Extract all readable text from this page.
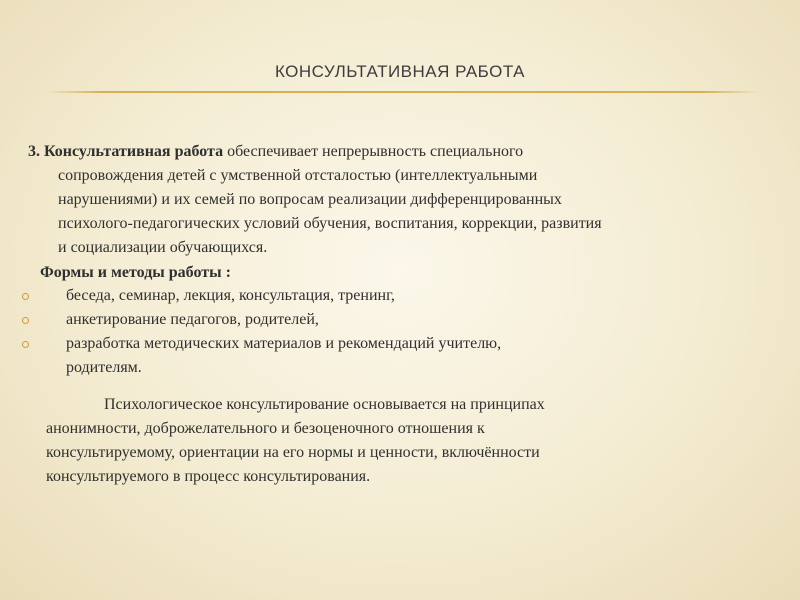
КОНСУЛЬТАТИВНАЯ РАБОТА
3. Консультативная работа обеспечивает непрерывность специального
сопровождения детей с умственной отсталостью (интеллектуальными
нарушениями) и их семей по вопросам реализации дифференцированных
психолого-педагогических условий обучения, воспитания, коррекции, развития
и социализации обучающихся.
Формы и методы работы :
беседа, семинар, лекция, консультация, тренинг,
анкетирование педагогов, родителей,
разработка методических материалов и рекомендаций учителю,
родителям.
Психологическое консультирование основывается на принципах
анонимности, доброжелательного и безоценочного отношения к
консультируемому, ориентации на его нормы и ценности, включённости
консультируемого в процесс консультирования.
